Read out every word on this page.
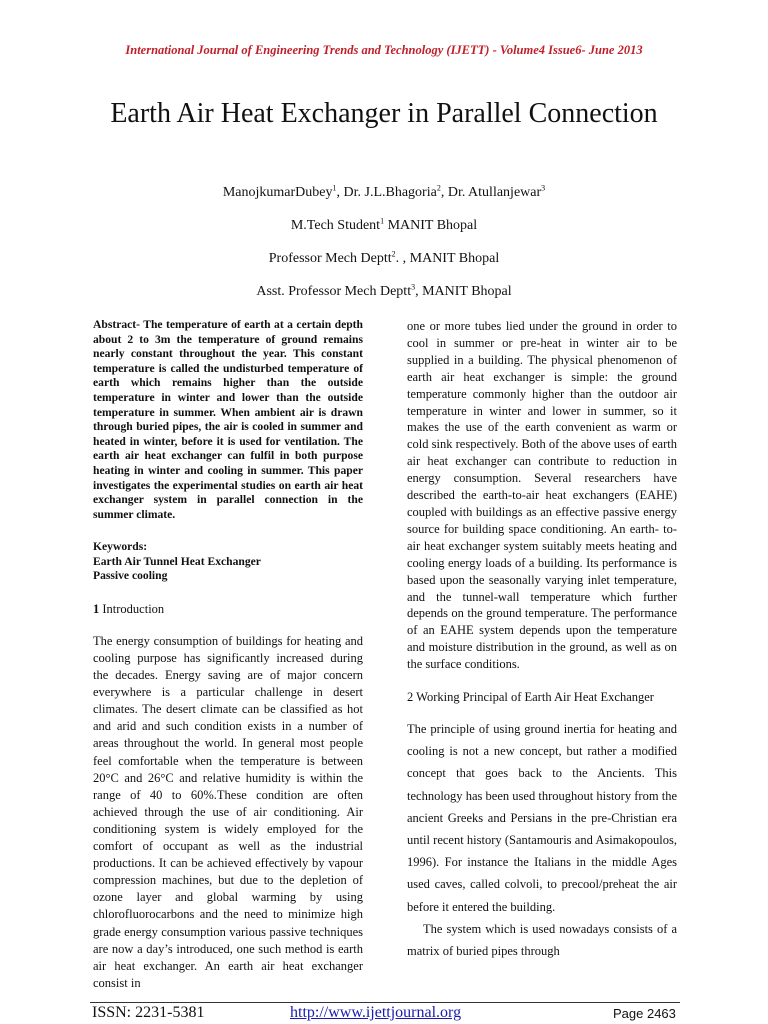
International Journal of Engineering Trends and Technology (IJETT) - Volume4 Issue6- June 2013
Earth Air Heat Exchanger in Parallel Connection
ManojkumarDubey$^1$, Dr. J.L.Bhagoria$^2$, Dr. Atullanjewar$^3$
M.Tech Student$^1$ MANIT Bhopal
Professor Mech Deptt$^2$. , MANIT Bhopal
Asst. Professor Mech Deptt$^3$, MANIT Bhopal

Abstract- The temperature of earth at a certain depth about 2 to 3m the temperature of ground remains nearly constant throughout the year. This constant temperature is called the undisturbed temperature of earth which remains higher than the outside temperature in winter and lower than the outside temperature in summer. When ambient air is drawn through buried pipes, the air is cooled in summer and heated in winter, before it is used for ventilation. The earth air heat exchanger can fulfil in both purpose heating in winter and cooling in summer. This paper investigates the experimental studies on earth air heat exchanger system in parallel connection in the summer climate.

Keywords:
Earth Air Tunnel Heat Exchanger
Passive cooling
1 Introduction

The energy consumption of buildings for heating and cooling purpose has significantly increased during the decades. Energy saving are of major concern everywhere is a particular challenge in desert climates. The desert climate can be classified as hot and arid and such condition exists in a number of areas throughout the world. In general most people feel comfortable when the temperature is between 20°C and 26°C and relative humidity is within the range of 40 to 60%.These condition are often achieved through the use of air conditioning. Air conditioning system is widely employed for the comfort of occupant as well as the industrial productions. It can be achieved effectively by vapour compression machines, but due to the depletion of ozone layer and global warming by using chlorofluorocarbons and the need to minimize high grade energy consumption various passive techniques are now a day’s introduced, one such method is earth air heat exchanger. An earth air heat exchanger consist in

one or more tubes lied under the ground in order to cool in summer or pre-heat in winter air to be supplied in a building. The physical phenomenon of earth air heat exchanger is simple: the ground temperature commonly higher than the outdoor air temperature in winter and lower in summer, so it makes the use of the earth convenient as warm or cold sink respectively. Both of the above uses of earth air heat exchanger can contribute to reduction in energy consumption. Several researchers have described the earth-to-air heat exchangers (EAHE) coupled with buildings as an effective passive energy source for building space conditioning. An earth- to-air heat exchanger system suitably meets heating and cooling energy loads of a building. Its performance is based upon the seasonally varying inlet temperature, and the tunnel-wall temperature which further depends on the ground temperature. The performance of an EAHE system depends upon the temperature and moisture distribution in the ground, as well as on the surface conditions.

2 Working Principal of Earth Air Heat Exchanger

The principle of using ground inertia for heating and cooling is not a new concept, but rather a modified concept that goes back to the Ancients. This technology has been used throughout history from the ancient Greeks and Persians in the pre-Christian era until recent history (Santamouris and Asimakopoulos, 1996). For instance the Italians in the middle Ages used caves, called colvoli, to precool/preheat the air before it entered the building.

The system which is used nowadays consists of a matrix of buried pipes through

ISSN: 2231-5381	http://www.ijettjournal.org	Page 2463
